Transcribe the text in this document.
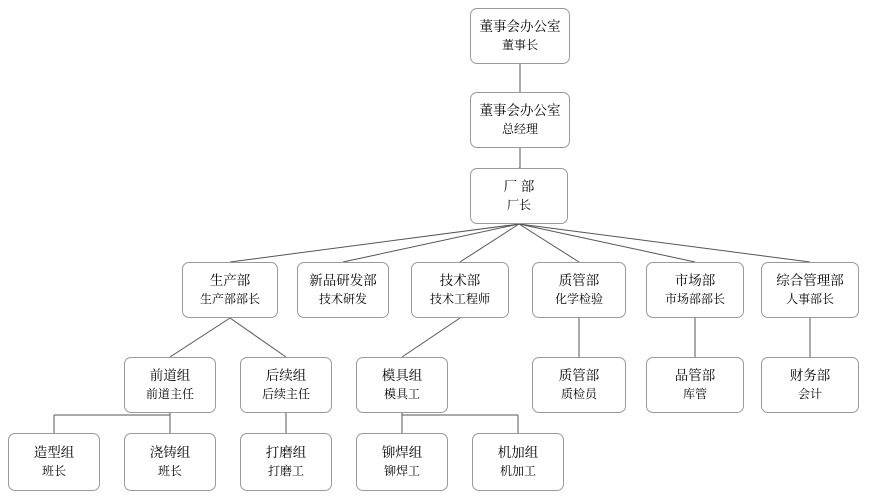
董事会办公室
董事长
董事会办公室
总经理
厂 部
厂长
生产部
生产部部长
新品研发部
技术研发
技术部
技术工程师
质管部
化学检验
市场部
市场部部长
综合管理部
人事部长
前道组
前道主任
后续组
后续主任
模具组
模具工
质管部
质检员
品管部
库管
财务部
会计
造型组
班长
浇铸组
班长
打磨组
打磨工
铆焊组
铆焊工
机加组
机加工
